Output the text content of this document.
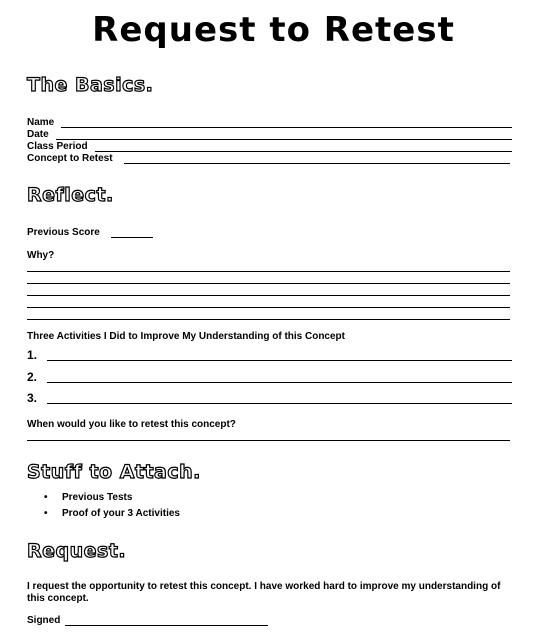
Request to Retest
The Basics.
Name
Date
Class Period
Concept to Retest
Reflect.
Previous Score
Why?
Three Activities I Did to Improve My Understanding of this Concept
1.
2.
3.
When would you like to retest this concept?
Stuff to Attach.
• Previous Tests
• Proof of your 3 Activities
Request.
I request the opportunity to retest this concept. I have worked hard to improve my understanding of this concept.
Signed
